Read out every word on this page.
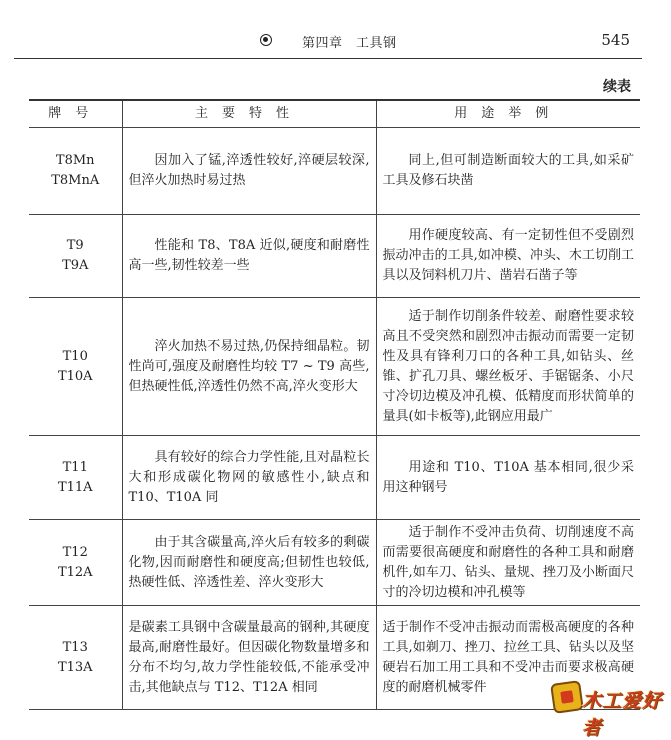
第四章　工具钢	545
续表
牌号	主要特性	用途举例

T8Mn
T8MnA	因加入了锰,淬透性较好,淬硬层较深,但淬火加热时易过热	同上,但可制造断面较大的工具,如采矿工具及修石块凿

T9
T9A	性能和 T8、T8A 近似,硬度和耐磨性高一些,韧性较差一些	用作硬度较高、有一定韧性但不受剧烈振动冲击的工具,如冲模、冲头、木工切削工具以及饲料机刀片、凿岩石凿子等

T10
T10A	淬火加热不易过热,仍保持细晶粒。韧性尚可,强度及耐磨性均较 T7 ~ T9 高些,但热硬性低,淬透性仍然不高,淬火变形大	适于制作切削条件较差、耐磨性要求较高且不受突然和剧烈冲击振动而需要一定韧性及具有锋利刀口的各种工具,如钻头、丝锥、扩孔刀具、螺丝板牙、手锯锯条、小尺寸冷切边模及冲孔模、低精度而形状简单的量具(如卡板等),此钢应用最广

T11
T11A	具有较好的综合力学性能,且对晶粒长大和形成碳化物网的敏感性小,缺点和 T10、T10A 同	用途和 T10、T10A 基本相同,很少采用这种钢号

T12
T12A	由于其含碳量高,淬火后有较多的剩碳化物,因而耐磨性和硬度高;但韧性也较低,热硬性低、淬透性差、淬火变形大	适于制作不受冲击负荷、切削速度不高而需要很高硬度和耐磨性的各种工具和耐磨机件,如车刀、钻头、量规、挫刀及小断面尺寸的冷切边模和冲孔模等

T13
T13A	是碳素工具钢中含碳量最高的钢种,其硬度最高,耐磨性最好。但因碳化物数量增多和分布不均匀,故力学性能较低,不能承受冲击,其他缺点与 T12、T12A 相同	适于制作不受冲击振动而需极高硬度的各种工具,如剃刀、挫刀、拉丝工具、钻头以及坚硬岩石加工用工具和不受冲击而要求极高硬度的耐磨机械零件
木工爱好者
